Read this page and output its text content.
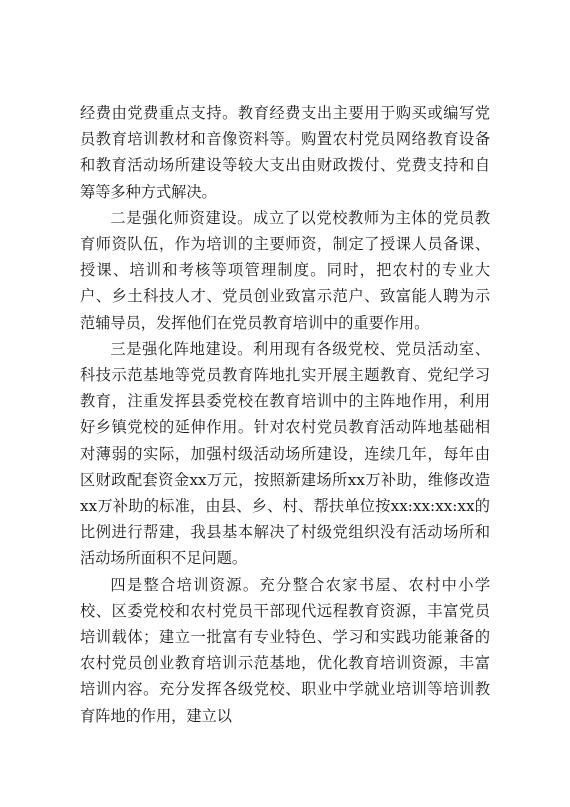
经费由党费重点支持。教育经费支出主要用于购买或编写党员教育培训教材和音像资料等。购置农村党员网络教育设备和教育活动场所建设等较大支出由财政拨付、党费支持和自筹等多种方式解决。

二是强化师资建设。成立了以党校教师为主体的党员教育师资队伍，作为培训的主要师资，制定了授课人员备课、授课、培训和考核等项管理制度。同时，把农村的专业大户、乡土科技人才、党员创业致富示范户、致富能人聘为示范辅导员，发挥他们在党员教育培训中的重要作用。

三是强化阵地建设。利用现有各级党校、党员活动室、科技示范基地等党员教育阵地扎实开展主题教育、党纪学习教育，注重发挥县委党校在教育培训中的主阵地作用，利用好乡镇党校的延伸作用。针对农村党员教育活动阵地基础相对薄弱的实际，加强村级活动场所建设，连续几年，每年由区财政配套资金xx万元，按照新建场所xx万补助，维修改造xx万补助的标准，由县、乡、村、帮扶单位按xx:xx:xx:xx的比例进行帮建，我县基本解决了村级党组织没有活动场所和活动场所面积不足问题。

四是整合培训资源。充分整合农家书屋、农村中小学校、区委党校和农村党员干部现代远程教育资源，丰富党员培训载体；建立一批富有专业特色、学习和实践功能兼备的农村党员创业教育培训示范基地，优化教育培训资源，丰富培训内容。充分发挥各级党校、职业中学就业培训等培训教育阵地的作用，建立以
